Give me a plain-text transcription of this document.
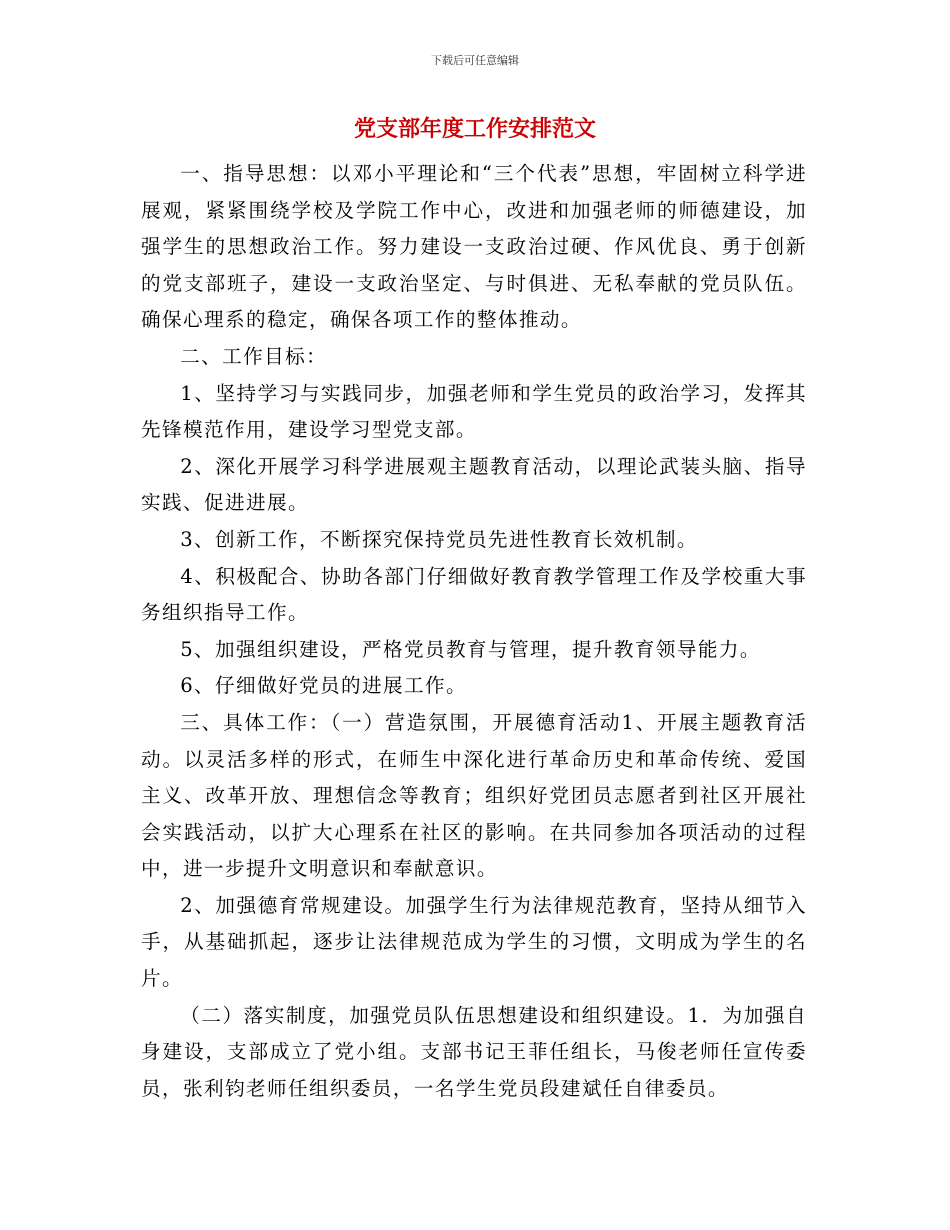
下载后可任意编辑
党支部年度工作安排范文

一、指导思想：以邓小平理论和“三个代表”思想，牢固树立科学进展观，紧紧围绕学校及学院工作中心，改进和加强老师的师德建设，加强学生的思想政治工作。努力建设一支政治过硬、作风优良、勇于创新的党支部班子，建设一支政治坚定、与时俱进、无私奉献的党员队伍。确保心理系的稳定，确保各项工作的整体推动。

二、工作目标：

1、坚持学习与实践同步，加强老师和学生党员的政治学习，发挥其先锋模范作用，建设学习型党支部。

2、深化开展学习科学进展观主题教育活动，以理论武装头脑、指导实践、促进进展。

3、创新工作，不断探究保持党员先进性教育长效机制。

4、积极配合、协助各部门仔细做好教育教学管理工作及学校重大事务组织指导工作。

5、加强组织建设，严格党员教育与管理，提升教育领导能力。

6、仔细做好党员的进展工作。

三、具体工作：（一）营造氛围，开展德育活动1、开展主题教育活动。以灵活多样的形式，在师生中深化进行革命历史和革命传统、爱国主义、改革开放、理想信念等教育；组织好党团员志愿者到社区开展社会实践活动，以扩大心理系在社区的影响。在共同参加各项活动的过程中，进一步提升文明意识和奉献意识。

2、加强德育常规建设。加强学生行为法律规范教育，坚持从细节入手，从基础抓起，逐步让法律规范成为学生的习惯，文明成为学生的名片。

（二）落实制度，加强党员队伍思想建设和组织建设。1．为加强自身建设，支部成立了党小组。支部书记王菲任组长，马俊老师任宣传委员，张利钧老师任组织委员，一名学生党员段建斌任自律委员。
